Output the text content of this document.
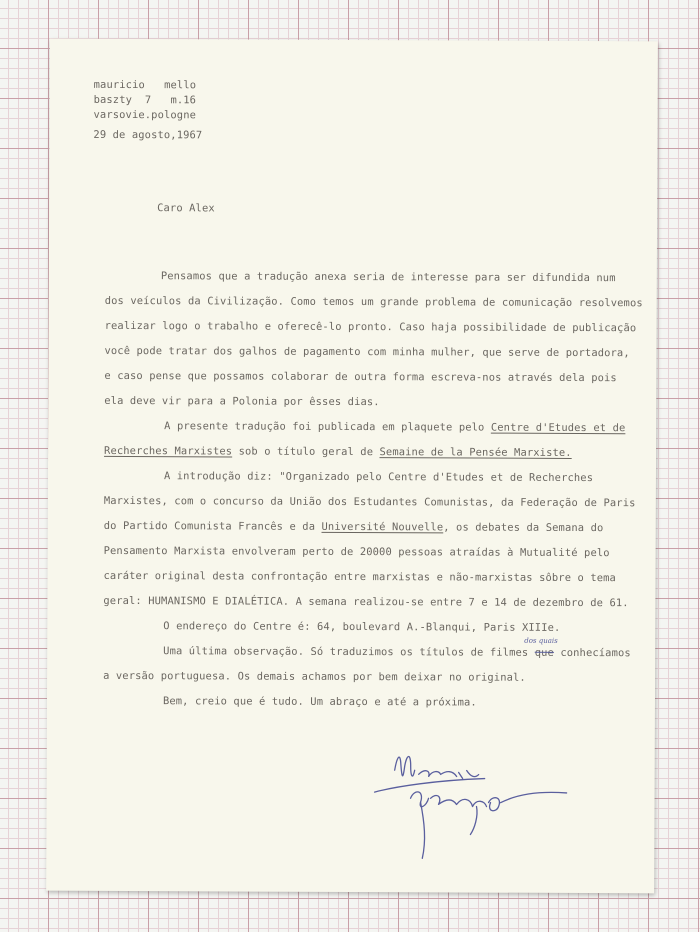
mauricio   mello
baszty  7   m.16
varsovie.pologne
29 de agosto,1967
Caro Alex
Pensamos que a tradução anexa seria de interesse para ser difundida num
dos veículos da Civilização. Como temos um grande problema de comunicação resolvemos
realizar logo o trabalho e oferecê-lo pronto. Caso haja possibilidade de publicação
você pode tratar dos galhos de pagamento com minha mulher, que serve de portadora,
e caso pense que possamos colaborar de outra forma escreva-nos através dela pois
ela deve vir para a Polonia por êsses dias.
A presente tradução foi publicada em plaquete pelo Centre d'Etudes et de
Recherches Marxistes sob o título geral de Semaine de la Pensée Marxiste.
A introdução diz: "Organizado pelo Centre d'Etudes et de Recherches
Marxistes, com o concurso da União dos Estudantes Comunistas, da Federação de Paris
do Partido Comunista Francês e da Université Nouvelle, os debates da Semana do
Pensamento Marxista envolveram perto de 20000 pessoas atraídas à Mutualité pelo
caráter original desta confrontação entre marxistas e não-marxistas sôbre o tema
geral: HUMANISMO E DIALÉTICA. A semana realizou-se entre 7 e 14 de dezembro de 61.
O endereço do Centre é: 64, boulevard A.-Blanqui, Paris XIIIe.
Uma última observação. Só traduzimos os títulos de filmes que conhecíamos
dos quais
a versão portuguesa. Os demais achamos por bem deixar no original.
Bem, creio que é tudo. Um abraço e até a próxima.
